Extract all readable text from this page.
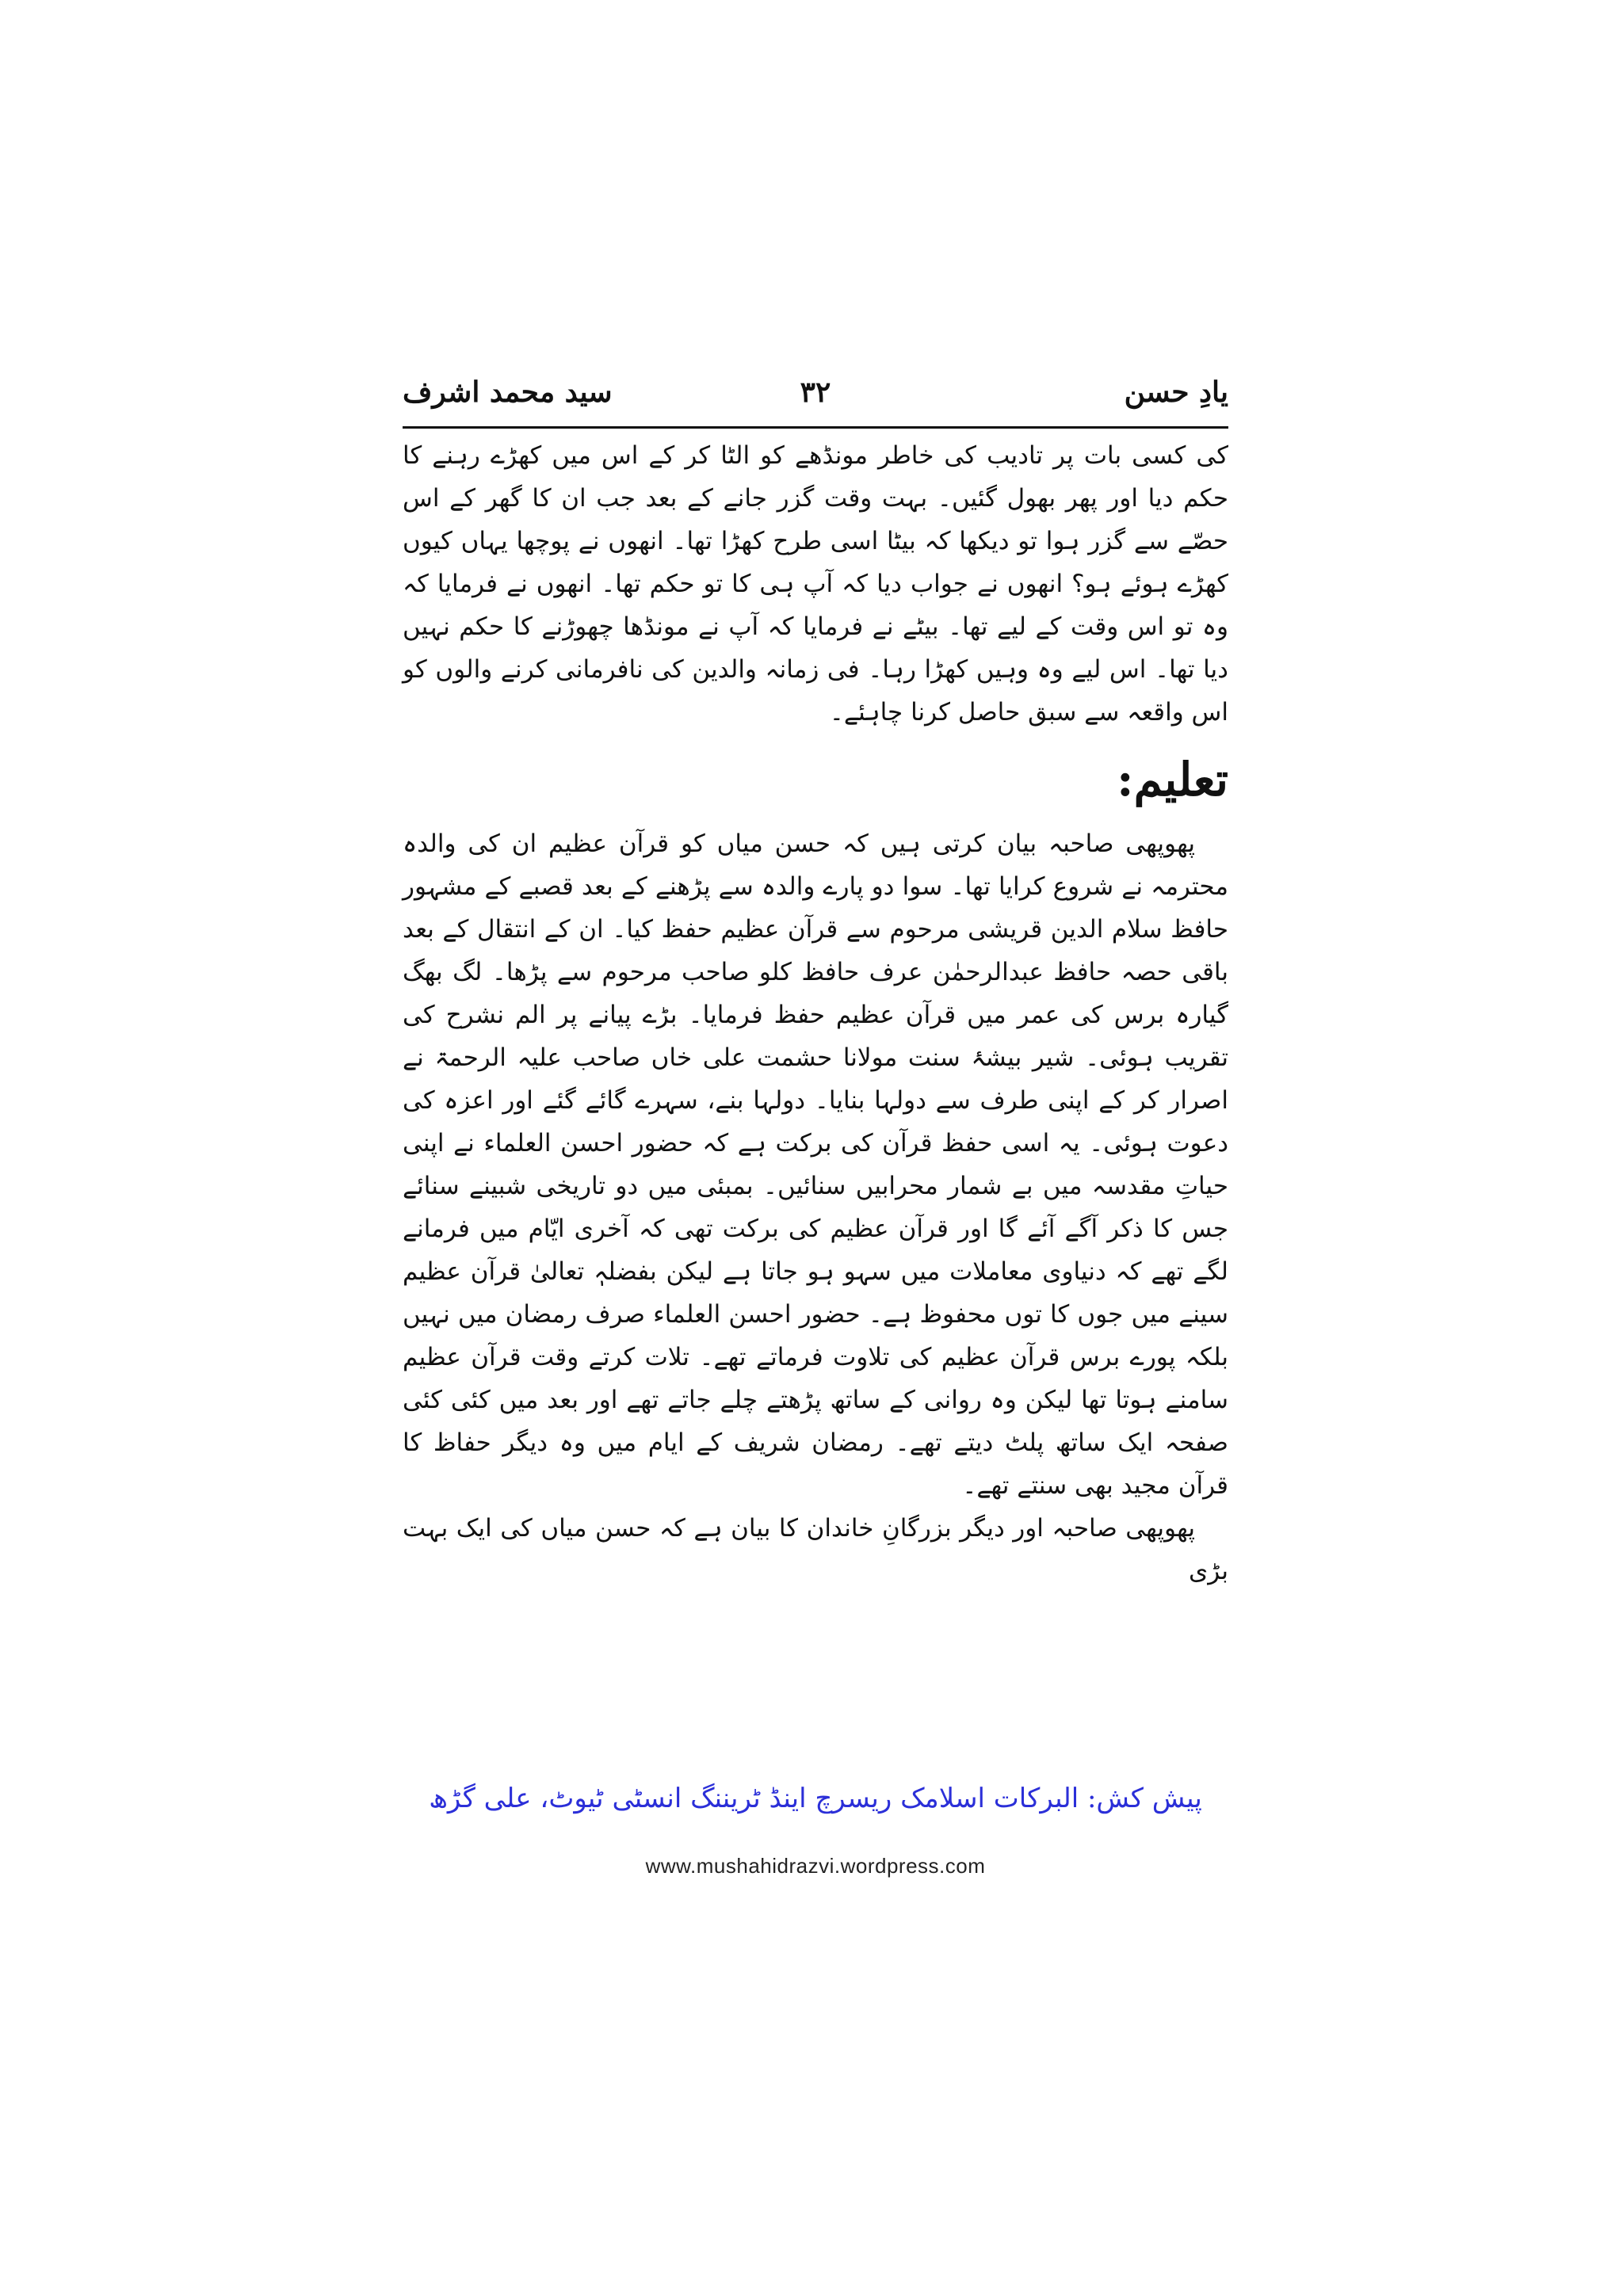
یادِ حسن
۳۲
سید محمد اشرف

کی کسی بات پر تادیب کی خاطر مونڈھے کو الٹا کر کے اس میں کھڑے رہنے کا حکم دیا اور پھر بھول گئیں۔ بہت وقت گزر جانے کے بعد جب ان کا گھر کے اس حصّے سے گزر ہوا تو دیکھا کہ بیٹا اسی طرح کھڑا تھا۔ انھوں نے پوچھا یہاں کیوں کھڑے ہوئے ہو؟ انھوں نے جواب دیا کہ آپ ہی کا تو حکم تھا۔ انھوں نے فرمایا کہ وہ تو اس وقت کے لیے تھا۔ بیٹے نے فرمایا کہ آپ نے مونڈھا چھوڑنے کا حکم نہیں دیا تھا۔ اس لیے وہ وہیں کھڑا رہا۔ فی زمانہ والدین کی نافرمانی کرنے والوں کو اس واقعہ سے سبق حاصل کرنا چاہئے۔

تعلیم:

پھوپھی صاحبہ بیان کرتی ہیں کہ حسن میاں کو قرآن عظیم ان کی والدہ محترمہ نے شروع کرایا تھا۔ سوا دو پارے والدہ سے پڑھنے کے بعد قصبے کے مشہور حافظ سلام الدین قریشی مرحوم سے قرآن عظیم حفظ کیا۔ ان کے انتقال کے بعد باقی حصہ حافظ عبدالرحمٰن عرف حافظ کلو صاحب مرحوم سے پڑھا۔ لگ بھگ گیارہ برس کی عمر میں قرآن عظیم حفظ فرمایا۔ بڑے پیانے پر الم نشرح کی تقریب ہوئی۔ شیر بیشۂ سنت مولانا حشمت علی خاں صاحب علیہ الرحمۃ نے اصرار کر کے اپنی طرف سے دولہا بنایا۔ دولہا بنے، سہرے گائے گئے اور اعزہ کی دعوت ہوئی۔ یہ اسی حفظ قرآن کی برکت ہے کہ حضور احسن العلماء نے اپنی حیاتِ مقدسہ میں بے شمار محرابیں سنائیں۔ بمبئی میں دو تاریخی شبینے سنائے جس کا ذکر آگے آئے گا اور قرآن عظیم کی برکت تھی کہ آخری ایّام میں فرمانے لگے تھے کہ دنیاوی معاملات میں سہو ہو جاتا ہے لیکن بفضلہٖ تعالیٰ قرآن عظیم سینے میں جوں کا توں محفوظ ہے۔ حضور احسن العلماء صرف رمضان میں نہیں بلکہ پورے برس قرآن عظیم کی تلاوت فرماتے تھے۔ تلات کرتے وقت قرآن عظیم سامنے ہوتا تھا لیکن وہ روانی کے ساتھ پڑھتے چلے جاتے تھے اور بعد میں کئی کئی صفحہ ایک ساتھ پلٹ دیتے تھے۔ رمضان شریف کے ایام میں وہ دیگر حفاظ کا قرآن مجید بھی سنتے تھے۔

پھوپھی صاحبہ اور دیگر بزرگانِ خاندان کا بیان ہے کہ حسن میاں کی ایک بہت بڑی

پیش کش: البرکات اسلامک ریسرچ اینڈ ٹریننگ انسٹی ٹیوٹ، علی گڑھ
www.mushahidrazvi.wordpress.com
